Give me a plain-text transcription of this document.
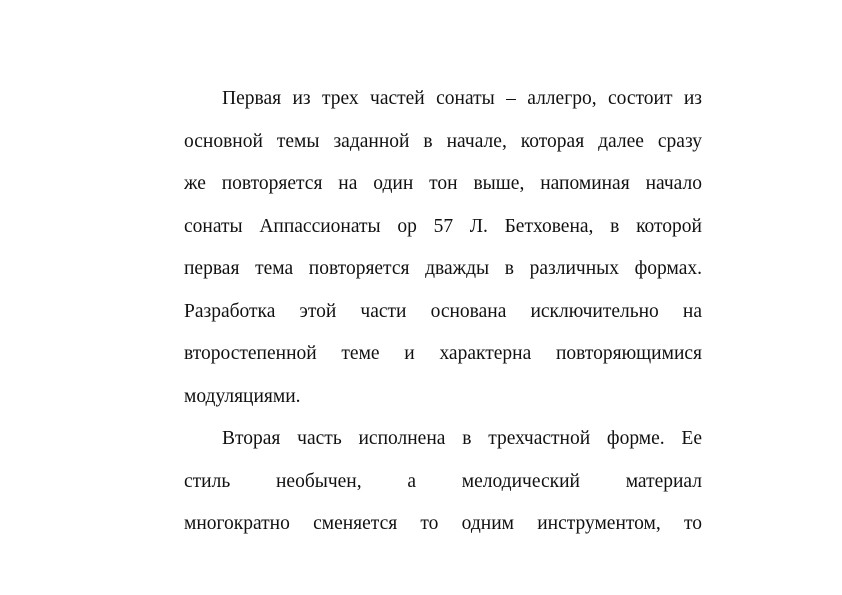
Первая из трех частей сонаты – аллегро, состоит из
основной темы заданной в начале, которая далее сразу
же повторяется на один тон выше, напоминая начало
сонаты Аппассионаты ор 57 Л. Бетховена, в которой
первая тема повторяется дважды в различных формах.
Разработка этой части основана исключительно на
второстепенной теме и характерна повторяющимися
модуляциями.
Вторая часть исполнена в трехчастной форме. Ее
стиль необычен, а мелодический материал
многократно сменяется то одним инструментом, то
